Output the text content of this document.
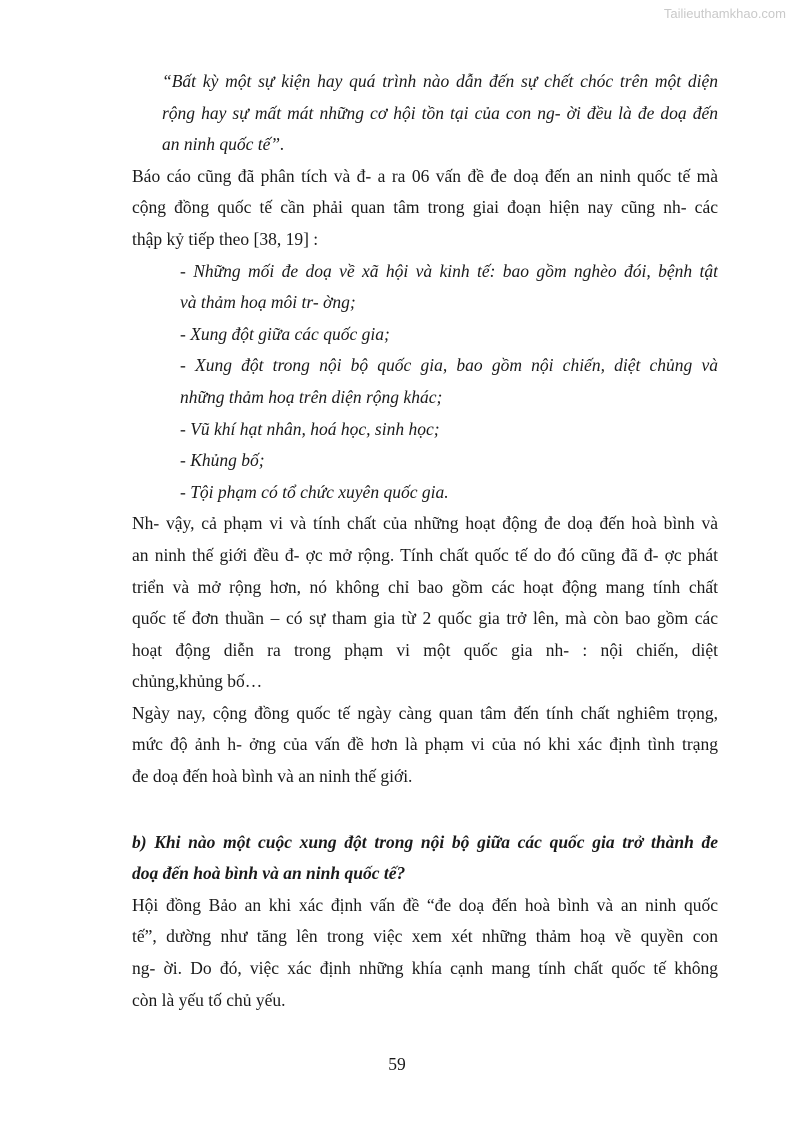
Tailieuthamkhao.com
“Bất kỳ một sự kiện hay quá trình nào dẫn đến sự chết chóc trên một diện
rộng hay sự mất mát những cơ hội tồn tại của con ng- ời đều là đe doạ đến
an ninh quốc tế”.
Báo cáo cũng đã phân tích và đ- a ra 06 vấn đề đe doạ đến an ninh quốc tế mà
cộng đồng quốc tế cần phải quan tâm trong giai đoạn hiện nay cũng nh- các
thập kỷ tiếp theo [38, 19] :
- Những mối đe doạ về xã hội và kinh tế: bao gồm nghèo đói, bệnh tật
và thảm hoạ môi tr- ờng;
- Xung đột giữa các quốc gia;
- Xung đột trong nội bộ quốc gia, bao gồm nội chiến, diệt chủng và
những thảm hoạ trên diện rộng khác;
- Vũ khí hạt nhân, hoá học, sinh học;
- Khủng bố;
- Tội phạm có tổ chức xuyên quốc gia.
Nh- vậy, cả phạm vi và tính chất của những hoạt động đe doạ đến hoà bình và
an ninh thế giới đều đ- ợc mở rộng. Tính chất quốc tế do đó cũng đã đ- ợc phát
triển và mở rộng hơn, nó không chỉ bao gồm các hoạt động mang tính chất
quốc tế đơn thuần – có sự tham gia từ 2 quốc gia trở lên, mà còn bao gồm các
hoạt động diễn ra trong phạm vi một quốc gia nh- : nội chiến, diệt
chủng,khủng bố…
Ngày nay, cộng đồng quốc tế ngày càng quan tâm đến tính chất nghiêm trọng,
mức độ ảnh h- ởng của vấn đề hơn là phạm vi của nó khi xác định tình trạng
đe doạ đến hoà bình và an ninh thế giới.
b) Khi nào một cuộc xung đột trong nội bộ giữa các quốc gia trở thành đe
doạ đến hoà bình và an ninh quốc tế?
Hội đồng Bảo an khi xác định vấn đề “đe doạ đến hoà bình và an ninh quốc
tế”, dường như tăng lên trong việc xem xét những thảm hoạ về quyền con
ng- ời. Do đó, việc xác định những khía cạnh mang tính chất quốc tế không
còn là yếu tố chủ yếu.
59
